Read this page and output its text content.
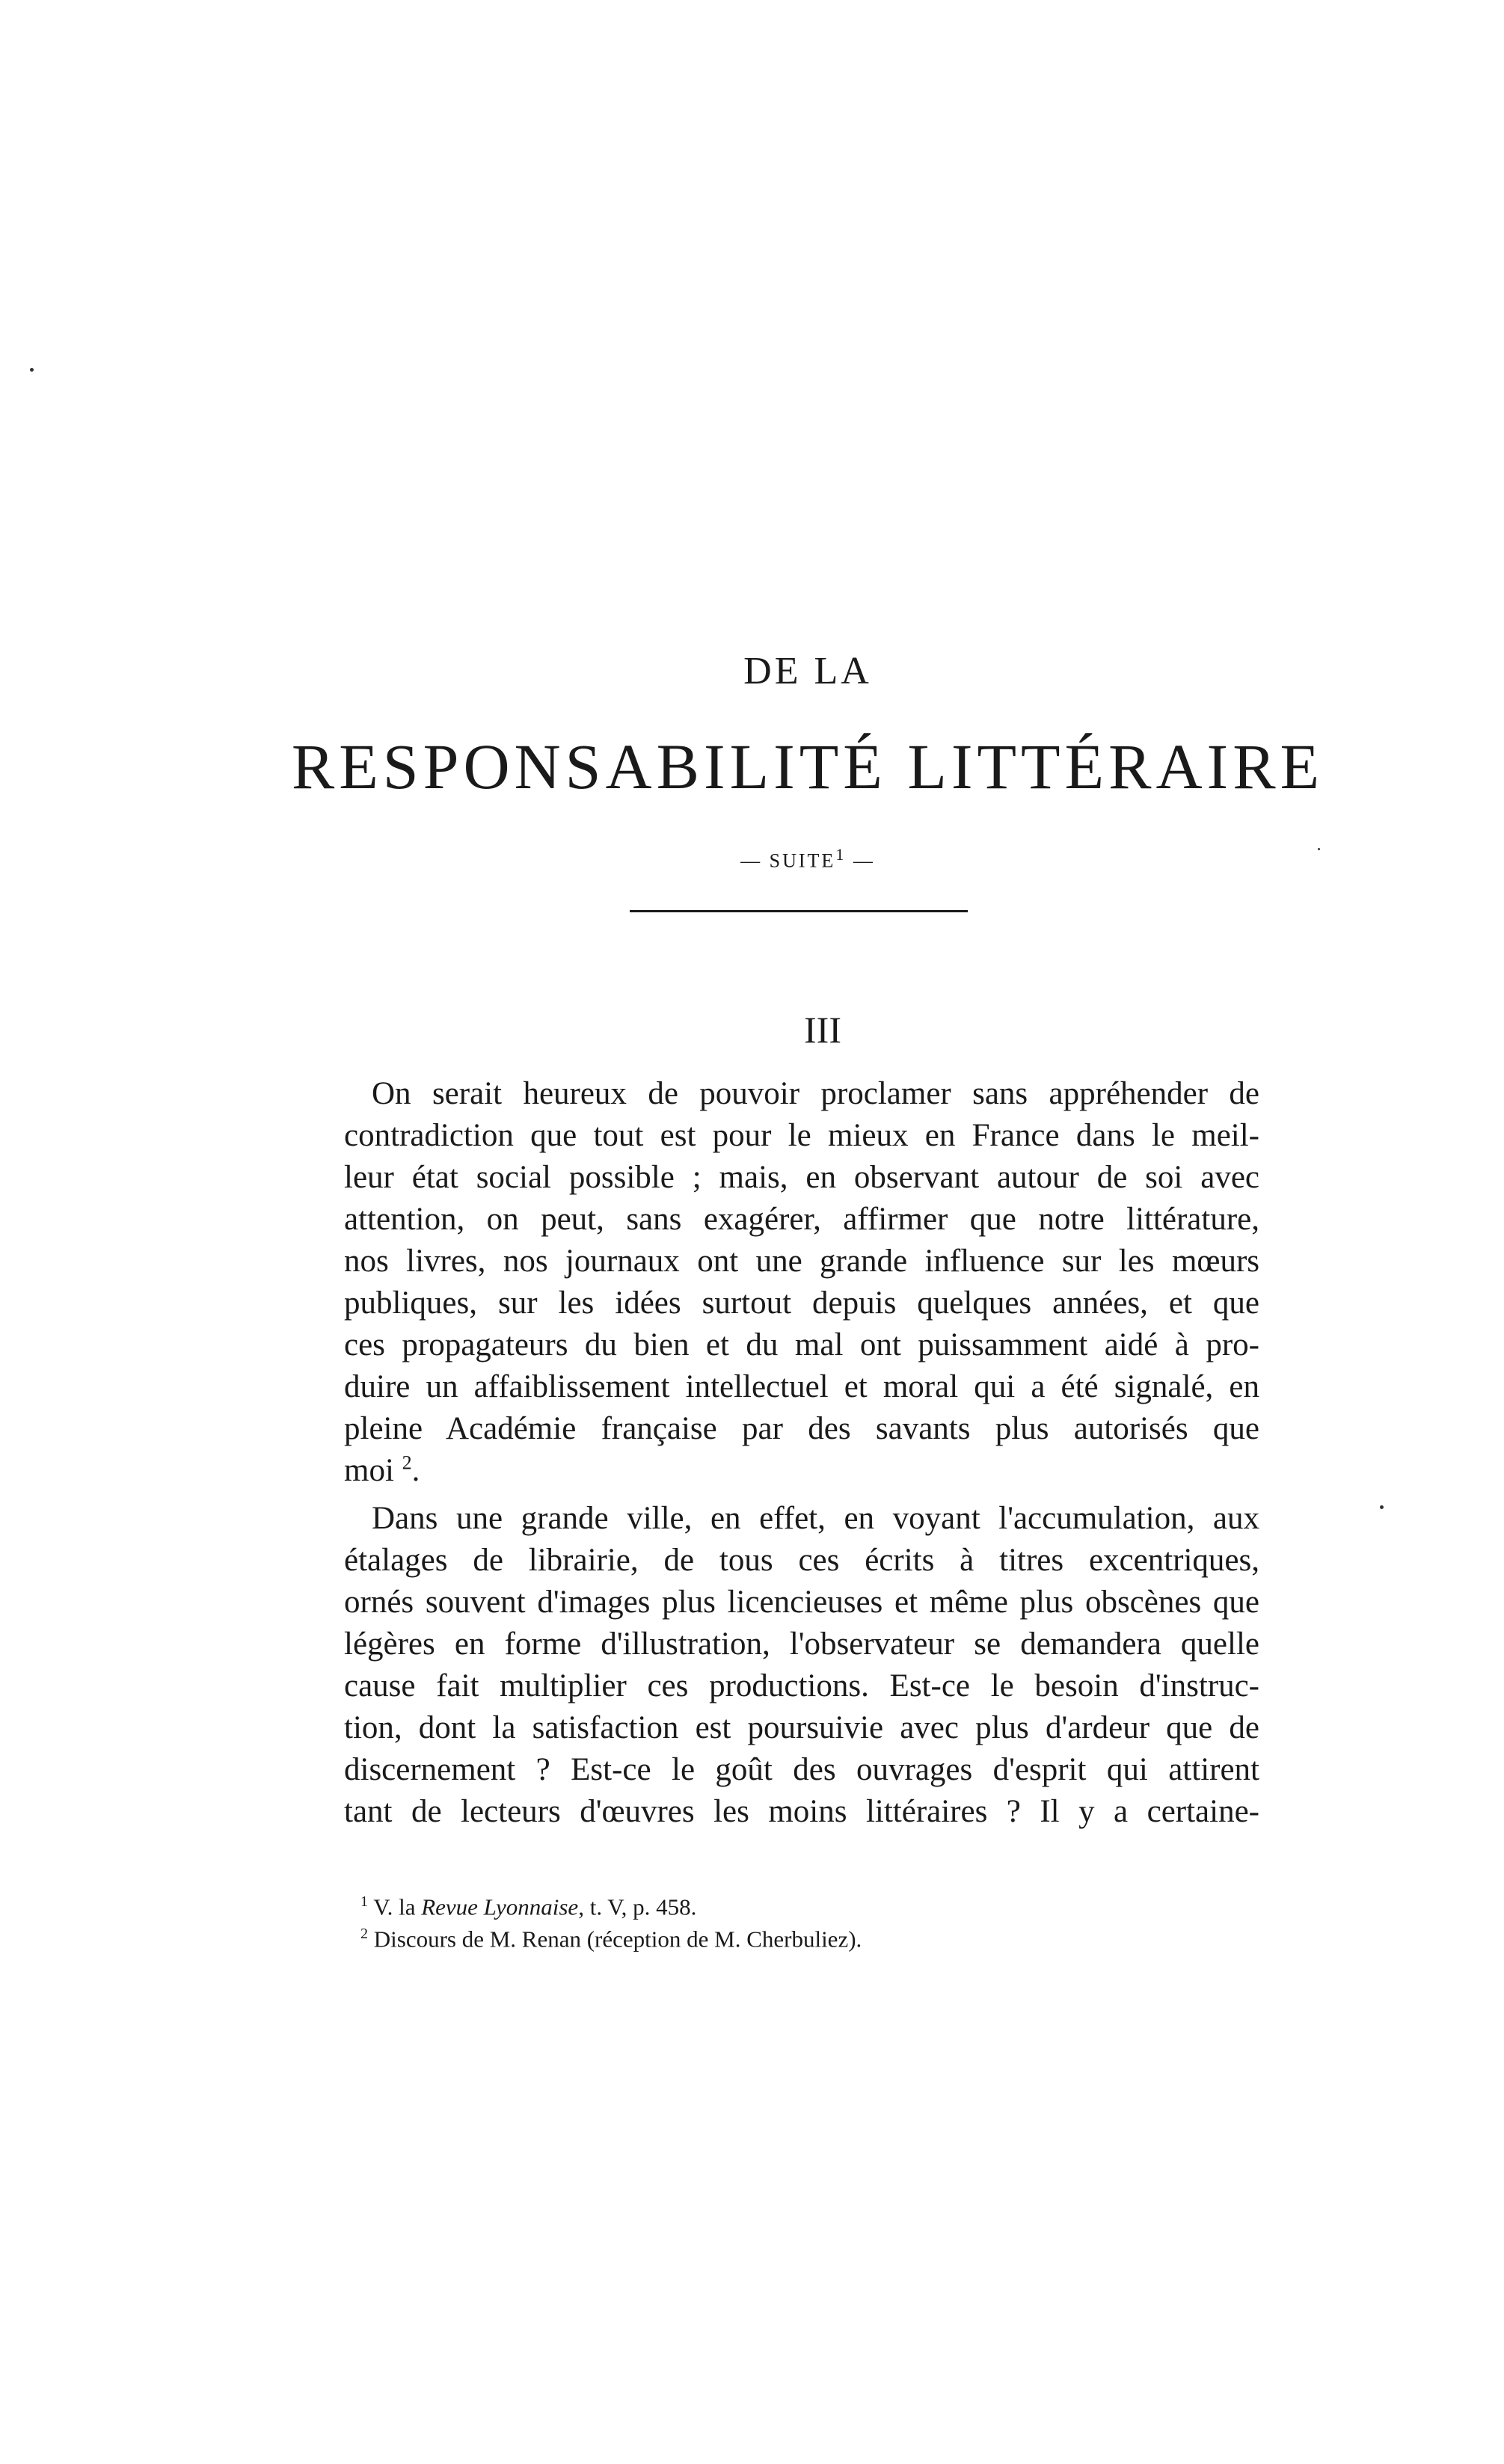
DE LA
RESPONSABILITÉ LITTÉRAIRE
— SUITE$^1$ —
III
On serait heureux de pouvoir proclamer sans appréhender de
contradiction que tout est pour le mieux en France dans le meil-
leur état social possible ; mais, en observant autour de soi avec
attention, on peut, sans exagérer, affirmer que notre littérature,
nos livres, nos journaux ont une grande influence sur les mœurs
publiques, sur les idées surtout depuis quelques années, et que
ces propagateurs du bien et du mal ont puissamment aidé à pro-
duire un affaiblissement intellectuel et moral qui a été signalé, en
pleine Académie française par des savants plus autorisés que
moi $^2$.
Dans une grande ville, en effet, en voyant l'accumulation, aux
étalages de librairie, de tous ces écrits à titres excentriques,
ornés souvent d'images plus licencieuses et même plus obscènes que
légères en forme d'illustration, l'observateur se demandera quelle
cause fait multiplier ces productions. Est-ce le besoin d'instruc-
tion, dont la satisfaction est poursuivie avec plus d'ardeur que de
discernement ? Est-ce le goût des ouvrages d'esprit qui attirent
tant de lecteurs d'œuvres les moins littéraires ? Il y a certaine-
$^1$ V. la Revue Lyonnaise, t. V, p. 458.
$^2$ Discours de M. Renan (réception de M. Cherbuliez).
